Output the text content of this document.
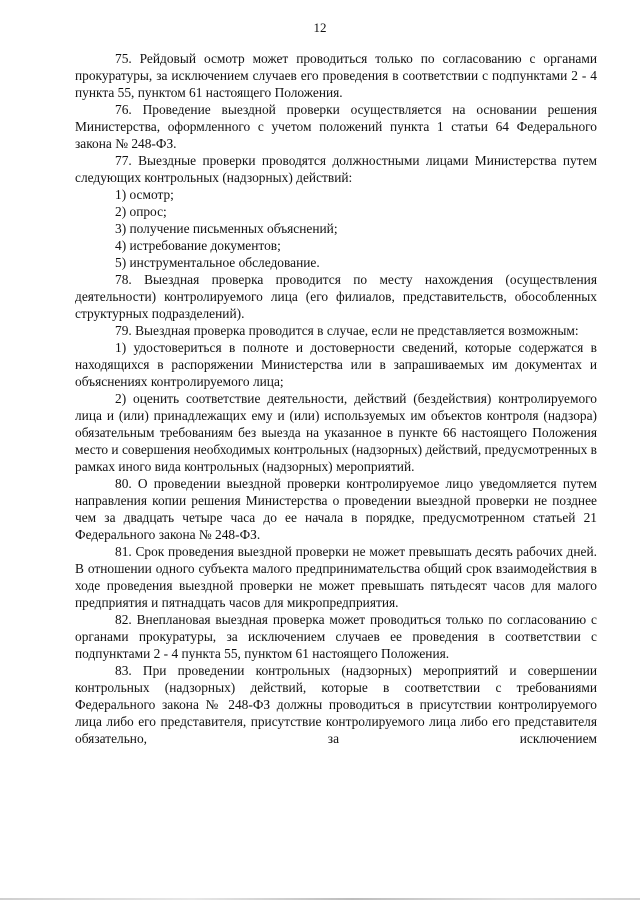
12

75. Рейдовый осмотр может проводиться только по согласованию с органами прокуратуры, за исключением случаев его проведения в соответствии с подпунктами 2 - 4 пункта 55, пунктом 61 настоящего Положения.

76. Проведение выездной проверки осуществляется на основании решения Министерства, оформленного с учетом положений пункта 1 статьи 64 Федерального закона № 248-ФЗ.

77. Выездные проверки проводятся должностными лицами Министерства путем следующих контрольных (надзорных) действий:

1) осмотр;

2) опрос;

3) получение письменных объяснений;

4) истребование документов;

5) инструментальное обследование.

78. Выездная проверка проводится по месту нахождения (осуществления деятельности) контролируемого лица (его филиалов, представительств, обособленных структурных подразделений).

79. Выездная проверка проводится в случае, если не представляется возможным:

1) удостовериться в полноте и достоверности сведений, которые содержатся в находящихся в распоряжении Министерства или в запрашиваемых им документах и объяснениях контролируемого лица;

2) оценить соответствие деятельности, действий (бездействия) контролируемого лица и (или) принадлежащих ему и (или) используемых им объектов контроля (надзора) обязательным требованиям без выезда на указанное в пункте 66 настоящего Положения место и совершения необходимых контрольных (надзорных) действий, предусмотренных в рамках иного вида контрольных (надзорных) мероприятий.

80. О проведении выездной проверки контролируемое лицо уведомляется путем направления копии решения Министерства о проведении выездной проверки не позднее чем за двадцать четыре часа до ее начала в порядке, предусмотренном статьей 21 Федерального закона № 248-ФЗ.

81. Срок проведения выездной проверки не может превышать десять рабочих дней. В отношении одного субъекта малого предпринимательства общий срок взаимодействия в ходе проведения выездной проверки не может превышать пятьдесят часов для малого предприятия и пятнадцать часов для микропредприятия.

82. Внеплановая выездная проверка может проводиться только по согласованию с органами прокуратуры, за исключением случаев ее проведения в соответствии с подпунктами 2 - 4 пункта 55, пунктом 61 настоящего Положения.

83. При проведении контрольных (надзорных) мероприятий и совершении контрольных (надзорных) действий, которые в соответствии с требованиями Федерального закона № 248-ФЗ должны проводиться в присутствии контролируемого лица либо его представителя, присутствие контролируемого лица либо его представителя обязательно, за исключением
